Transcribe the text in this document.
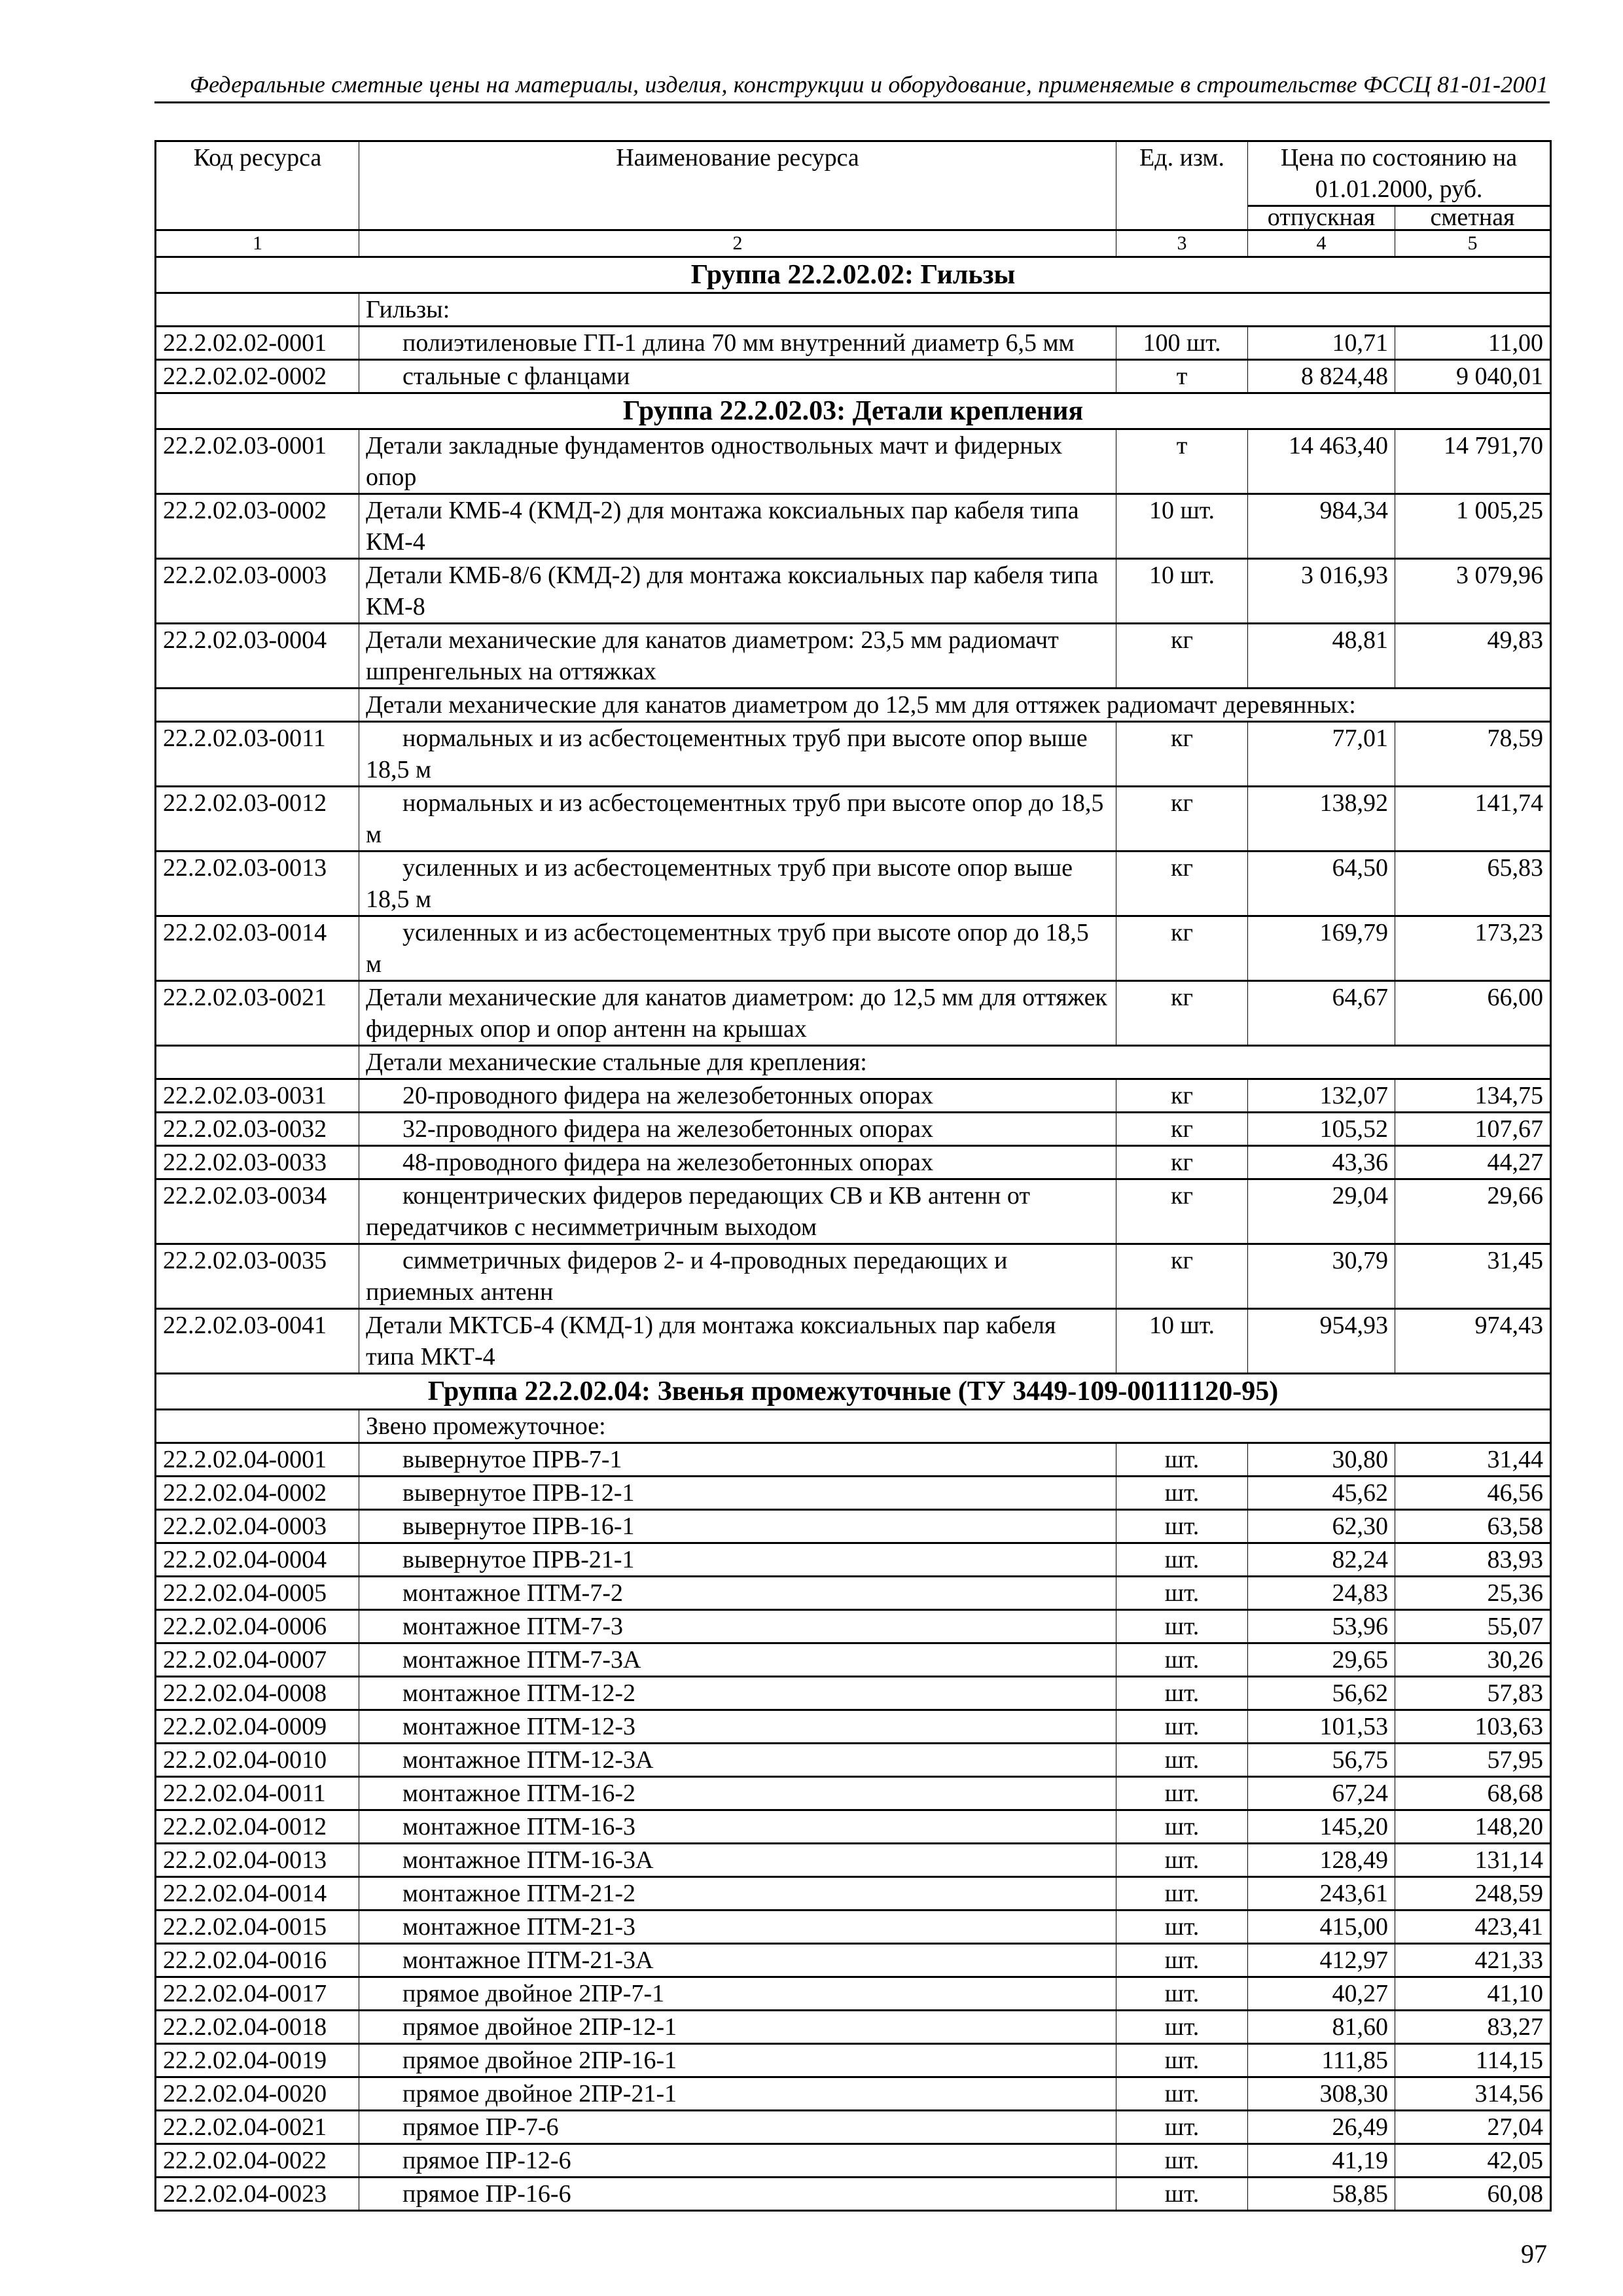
Федеральные сметные цены на материалы, изделия, конструкции и оборудование, применяемые в строительстве ФССЦ 81-01-2001
Код ресурса	Наименование ресурса	Ед. изм.	Цена по состоянию на 01.01.2000, руб.	
			отпускная	сметная
1	2	3	4	5
Группа 22.2.02.02: Гильзы				
	Гильзы:			
22.2.02.02-0001	полиэтиленовые ГП-1 длина 70 мм внутренний диаметр 6,5 мм	100 шт.	10,71	11,00
22.2.02.02-0002	стальные с фланцами	т	8 824,48	9 040,01
Группа 22.2.02.03: Детали крепления				
22.2.02.03-0001	Детали закладные фундаментов одноствольных мачт и фидерных опор	т	14 463,40	14 791,70
22.2.02.03-0002	Детали КМБ-4 (КМД-2) для монтажа коксиальных пар кабеля типа КМ-4	10 шт.	984,34	1 005,25
22.2.02.03-0003	Детали КМБ-8/6 (КМД-2) для монтажа коксиальных пар кабеля типа КМ-8	10 шт.	3 016,93	3 079,96
22.2.02.03-0004	Детали механические для канатов диаметром: 23,5 мм радиомачт шпренгельных на оттяжках	кг	48,81	49,83
	Детали механические для канатов диаметром до 12,5 мм для оттяжек радиомачт деревянных:			
22.2.02.03-0011	нормальных и из асбестоцементных труб при высоте опор выше 18,5 м	кг	77,01	78,59
22.2.02.03-0012	нормальных и из асбестоцементных труб при высоте опор до 18,5 м	кг	138,92	141,74
22.2.02.03-0013	усиленных и из асбестоцементных труб при высоте опор выше 18,5 м	кг	64,50	65,83
22.2.02.03-0014	усиленных и из асбестоцементных труб при высоте опор до 18,5 м	кг	169,79	173,23
22.2.02.03-0021	Детали механические для канатов диаметром: до 12,5 мм для оттяжек фидерных опор и опор антенн на крышах	кг	64,67	66,00
	Детали механические стальные для крепления:			
22.2.02.03-0031	20-проводного фидера на железобетонных опорах	кг	132,07	134,75
22.2.02.03-0032	32-проводного фидера на железобетонных опорах	кг	105,52	107,67
22.2.02.03-0033	48-проводного фидера на железобетонных опорах	кг	43,36	44,27
22.2.02.03-0034	концентрических фидеров передающих СВ и КВ антенн от передатчиков с несимметричным выходом	кг	29,04	29,66
22.2.02.03-0035	симметричных фидеров 2- и 4-проводных передающих и приемных антенн	кг	30,79	31,45
22.2.02.03-0041	Детали МКТСБ-4 (КМД-1) для монтажа коксиальных пар кабеля типа МКТ-4	10 шт.	954,93	974,43
Группа 22.2.02.04: Звенья промежуточные (ТУ 3449-109-00111120-95)				
	Звено промежуточное:			
22.2.02.04-0001	вывернутое ПРВ-7-1	шт.	30,80	31,44
22.2.02.04-0002	вывернутое ПРВ-12-1	шт.	45,62	46,56
22.2.02.04-0003	вывернутое ПРВ-16-1	шт.	62,30	63,58
22.2.02.04-0004	вывернутое ПРВ-21-1	шт.	82,24	83,93
22.2.02.04-0005	монтажное ПТМ-7-2	шт.	24,83	25,36
22.2.02.04-0006	монтажное ПТМ-7-3	шт.	53,96	55,07
22.2.02.04-0007	монтажное ПТМ-7-3А	шт.	29,65	30,26
22.2.02.04-0008	монтажное ПТМ-12-2	шт.	56,62	57,83
22.2.02.04-0009	монтажное ПТМ-12-3	шт.	101,53	103,63
22.2.02.04-0010	монтажное ПТМ-12-3А	шт.	56,75	57,95
22.2.02.04-0011	монтажное ПТМ-16-2	шт.	67,24	68,68
22.2.02.04-0012	монтажное ПТМ-16-3	шт.	145,20	148,20
22.2.02.04-0013	монтажное ПТМ-16-3А	шт.	128,49	131,14
22.2.02.04-0014	монтажное ПТМ-21-2	шт.	243,61	248,59
22.2.02.04-0015	монтажное ПТМ-21-3	шт.	415,00	423,41
22.2.02.04-0016	монтажное ПТМ-21-3А	шт.	412,97	421,33
22.2.02.04-0017	прямое двойное 2ПР-7-1	шт.	40,27	41,10
22.2.02.04-0018	прямое двойное 2ПР-12-1	шт.	81,60	83,27
22.2.02.04-0019	прямое двойное 2ПР-16-1	шт.	111,85	114,15
22.2.02.04-0020	прямое двойное 2ПР-21-1	шт.	308,30	314,56
22.2.02.04-0021	прямое ПР-7-6	шт.	26,49	27,04
22.2.02.04-0022	прямое ПР-12-6	шт.	41,19	42,05
22.2.02.04-0023	прямое ПР-16-6	шт.	58,85	60,08
97
